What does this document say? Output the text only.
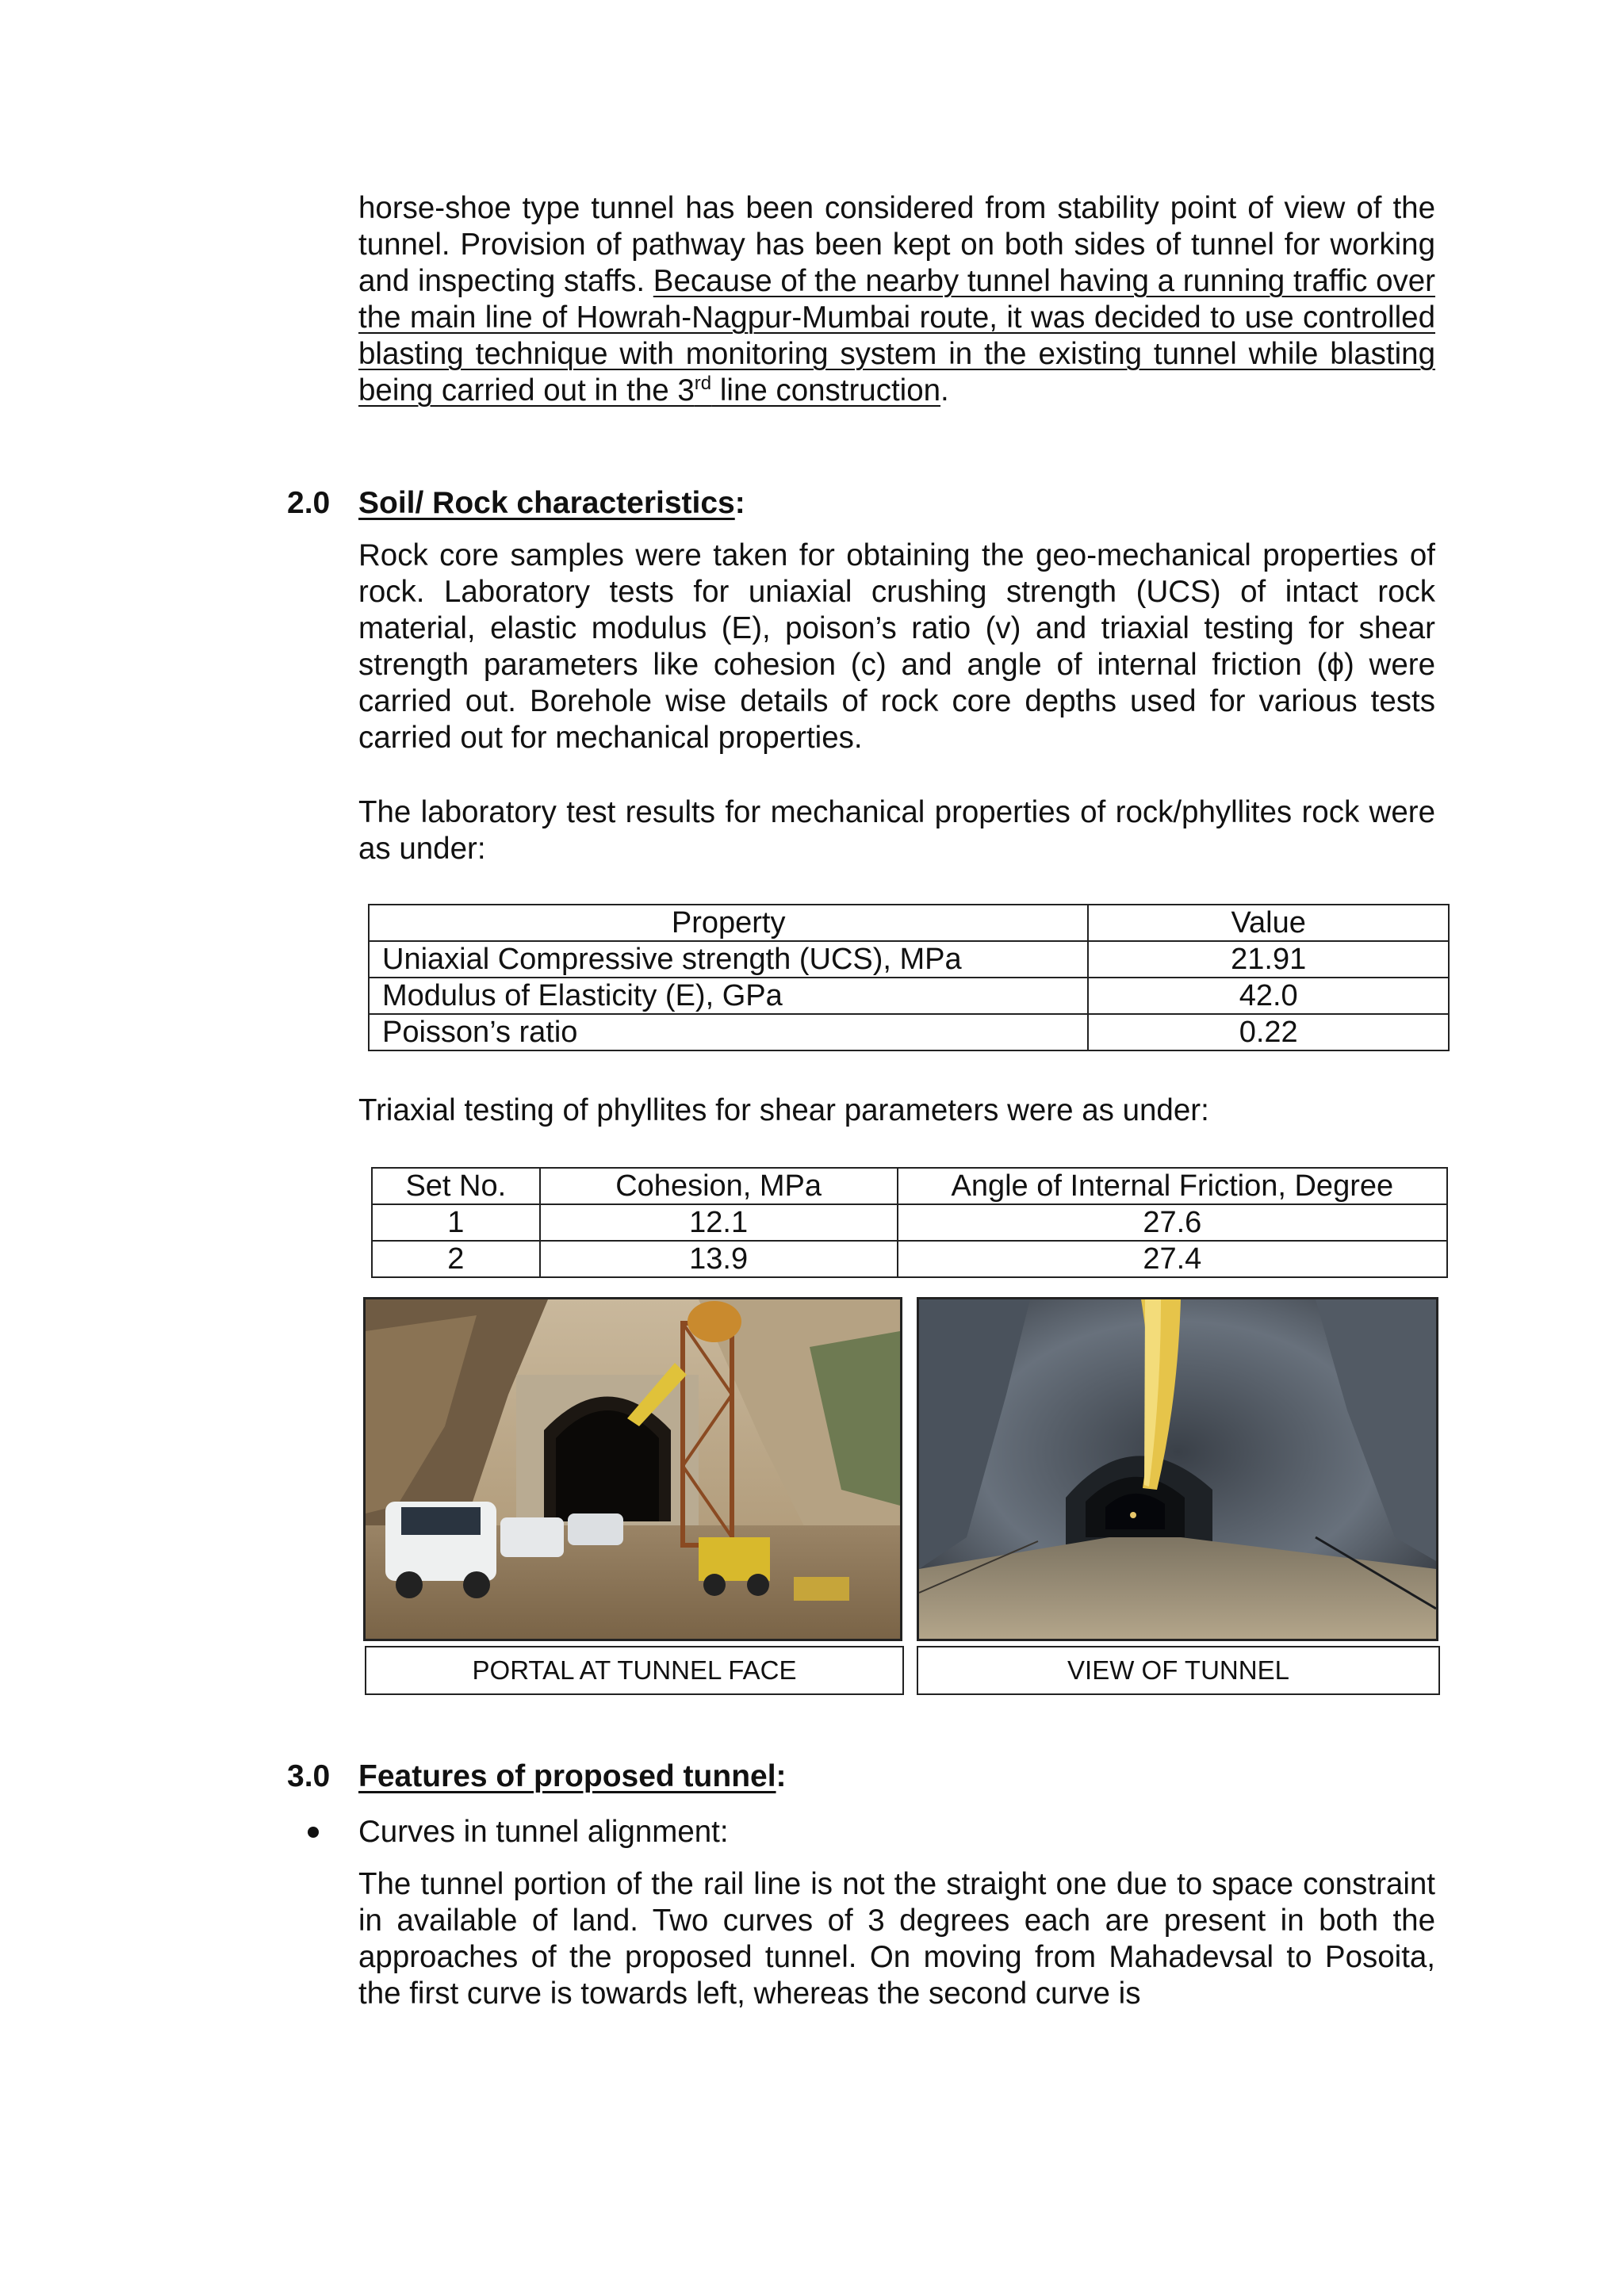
horse-shoe type tunnel has been considered from stability point of view of the tunnel. Provision of pathway has been kept on both sides of tunnel for working and inspecting staffs. Because of the nearby tunnel having a running traffic over the main line of Howrah-Nagpur-Mumbai route, it was decided to use controlled blasting technique with monitoring system in the existing tunnel while blasting being carried out in the 3rd line construction.

2.0 Soil/ Rock characteristics:

Rock core samples were taken for obtaining the geo-mechanical properties of rock. Laboratory tests for uniaxial crushing strength (UCS) of intact rock material, elastic modulus (E), poison’s ratio (v) and triaxial testing for shear strength parameters like cohesion (c) and angle of internal friction (ϕ) were carried out. Borehole wise details of rock core depths used for various tests carried out for mechanical properties.

The laboratory test results for mechanical properties of rock/phyllites rock were as under:

Property	Value
Uniaxial Compressive strength (UCS), MPa	21.91
Modulus of Elasticity (E), GPa	42.0
Poisson’s ratio	0.22

Triaxial testing of phyllites for shear parameters were as under:

Set No.	Cohesion, MPa	Angle of Internal Friction, Degree
1	12.1	27.6
2	13.9	27.4
PORTAL AT TUNNEL FACE	VIEW OF TUNNEL
3.0 Features of proposed tunnel:

Curves in tunnel alignment:

The tunnel portion of the rail line is not the straight one due to space constraint in available of land. Two curves of 3 degrees each are present in both the approaches of the proposed tunnel. On moving from Mahadevsal to Posoita, the first curve is towards left, whereas the second curve is
